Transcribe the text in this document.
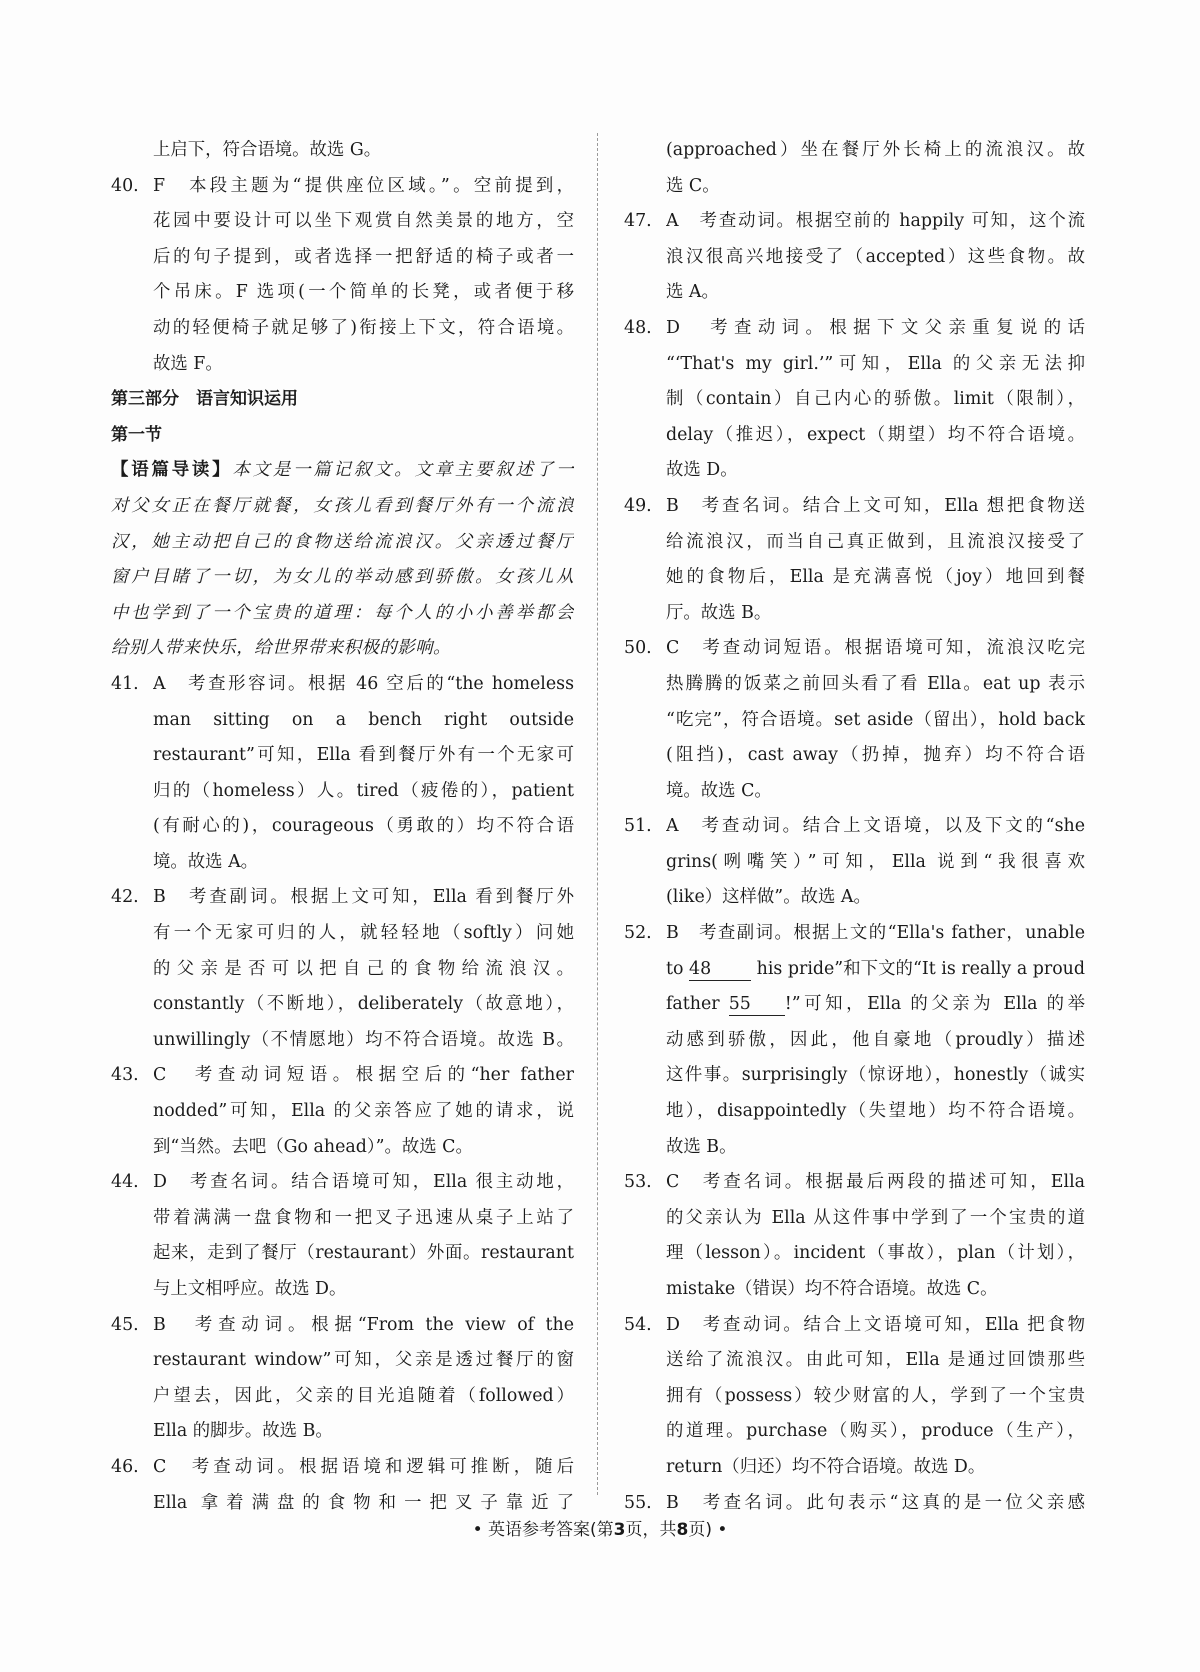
上启下，符合语境。故选 G。
40. F　本段主题为“提供座位区域。”。空前提到，
花园中要设计可以坐下观赏自然美景的地方，空
后的句子提到，或者选择一把舒适的椅子或者一
个吊床。F 选项(一个简单的长凳，或者便于移
动的轻便椅子就足够了)衔接上下文，符合语境。
故选 F。
第三部分　语言知识运用
第一节
【语篇导读】本文是一篇记叙文。文章主要叙述了一
对父女正在餐厅就餐，女孩儿看到餐厅外有一个流浪
汉，她主动把自己的食物送给流浪汉。父亲透过餐厅
窗户目睹了一切，为女儿的举动感到骄傲。女孩儿从
中也学到了一个宝贵的道理：每个人的小小善举都会
给别人带来快乐，给世界带来积极的影响。
41. A　考查形容词。根据 46 空后的“the homeless
man　sitting　on　a　bench　right　outside　
restaurant”可知，Ella 看到餐厅外有一个无家可
归的（homeless）人。tired（疲倦的），patient
(有耐心的)，courageous（勇敢的）均不符合语
境。故选 A。
42. B　考查副词。根据上文可知，Ella 看到餐厅外
有一个无家可归的人，就轻轻地（softly）问她
的父亲是否可以把自己的食物给流浪汉。
constantly（不断地），deliberately（故意地），
unwillingly（不情愿地）均不符合语境。故选 B。
43. C　考查动词短语。根据空后的“her father
nodded”可知，Ella 的父亲答应了她的请求，说
到“当然。去吧（Go ahead）”。故选 C。
44. D　考查名词。结合语境可知，Ella 很主动地，
带着满满一盘食物和一把叉子迅速从桌子上站了
起来，走到了餐厅（restaurant）外面。restaurant
与上文相呼应。故选 D。
45. B　考查动词。根据“From the view of the
restaurant window”可知，父亲是透过餐厅的窗
户望去，因此，父亲的目光追随着（followed）
Ella 的脚步。故选 B。
46. C　考查动词。根据语境和逻辑可推断，随后
Ella 拿着满盘的食物和一把叉子靠近了
(approached）坐在餐厅外长椅上的流浪汉。故
选 C。
47. A　考查动词。根据空前的 happily 可知，这个流
浪汉很高兴地接受了（accepted）这些食物。故
选 A。
48. D　考查动词。根据下文父亲重复说的话
“‘That's my girl.’”可知，Ella 的父亲无法抑
制（contain）自己内心的骄傲。limit（限制），
delay（推迟），expect（期望）均不符合语境。
故选 D。
49. B　考查名词。结合上文可知，Ella 想把食物送
给流浪汉，而当自己真正做到，且流浪汉接受了
她的食物后，Ella 是充满喜悦（joy）地回到餐
厅。故选 B。
50. C　考查动词短语。根据语境可知，流浪汉吃完
热腾腾的饭菜之前回头看了看 Ella。eat up 表示
“吃完”，符合语境。set aside（留出），hold back
(阻挡)，cast away（扔掉，抛弃）均不符合语
境。故选 C。
51. A　考查动词。结合上文语境，以及下文的“she
grins(咧嘴笑）”可知，Ella 说到“我很喜欢
(like）这样做”。故选 A。
52. B　考查副词。根据上文的“Ella's father，unable
to 48	his pride”和下文的“It is really a proud
father 55 !”可知，Ella 的父亲为 Ella 的举
动感到骄傲，因此，他自豪地（proudly）描述
这件事。surprisingly（惊讶地），honestly（诚实
地），disappointedly（失望地）均不符合语境。
故选 B。
53. C　考查名词。根据最后两段的描述可知，Ella
的父亲认为 Ella 从这件事中学到了一个宝贵的道
理（lesson）。incident（事故），plan（计划），
mistake（错误）均不符合语境。故选 C。
54. D　考查动词。结合上文语境可知，Ella 把食物
送给了流浪汉。由此可知，Ella 是通过回馈那些
拥有（possess）较少财富的人，学到了一个宝贵
的道理。purchase（购买），produce（生产），
return（归还）均不符合语境。故选 D。
55. B　考查名词。此句表示“这真的是一位父亲感
• 英语参考答案(第3页，共8页) •
